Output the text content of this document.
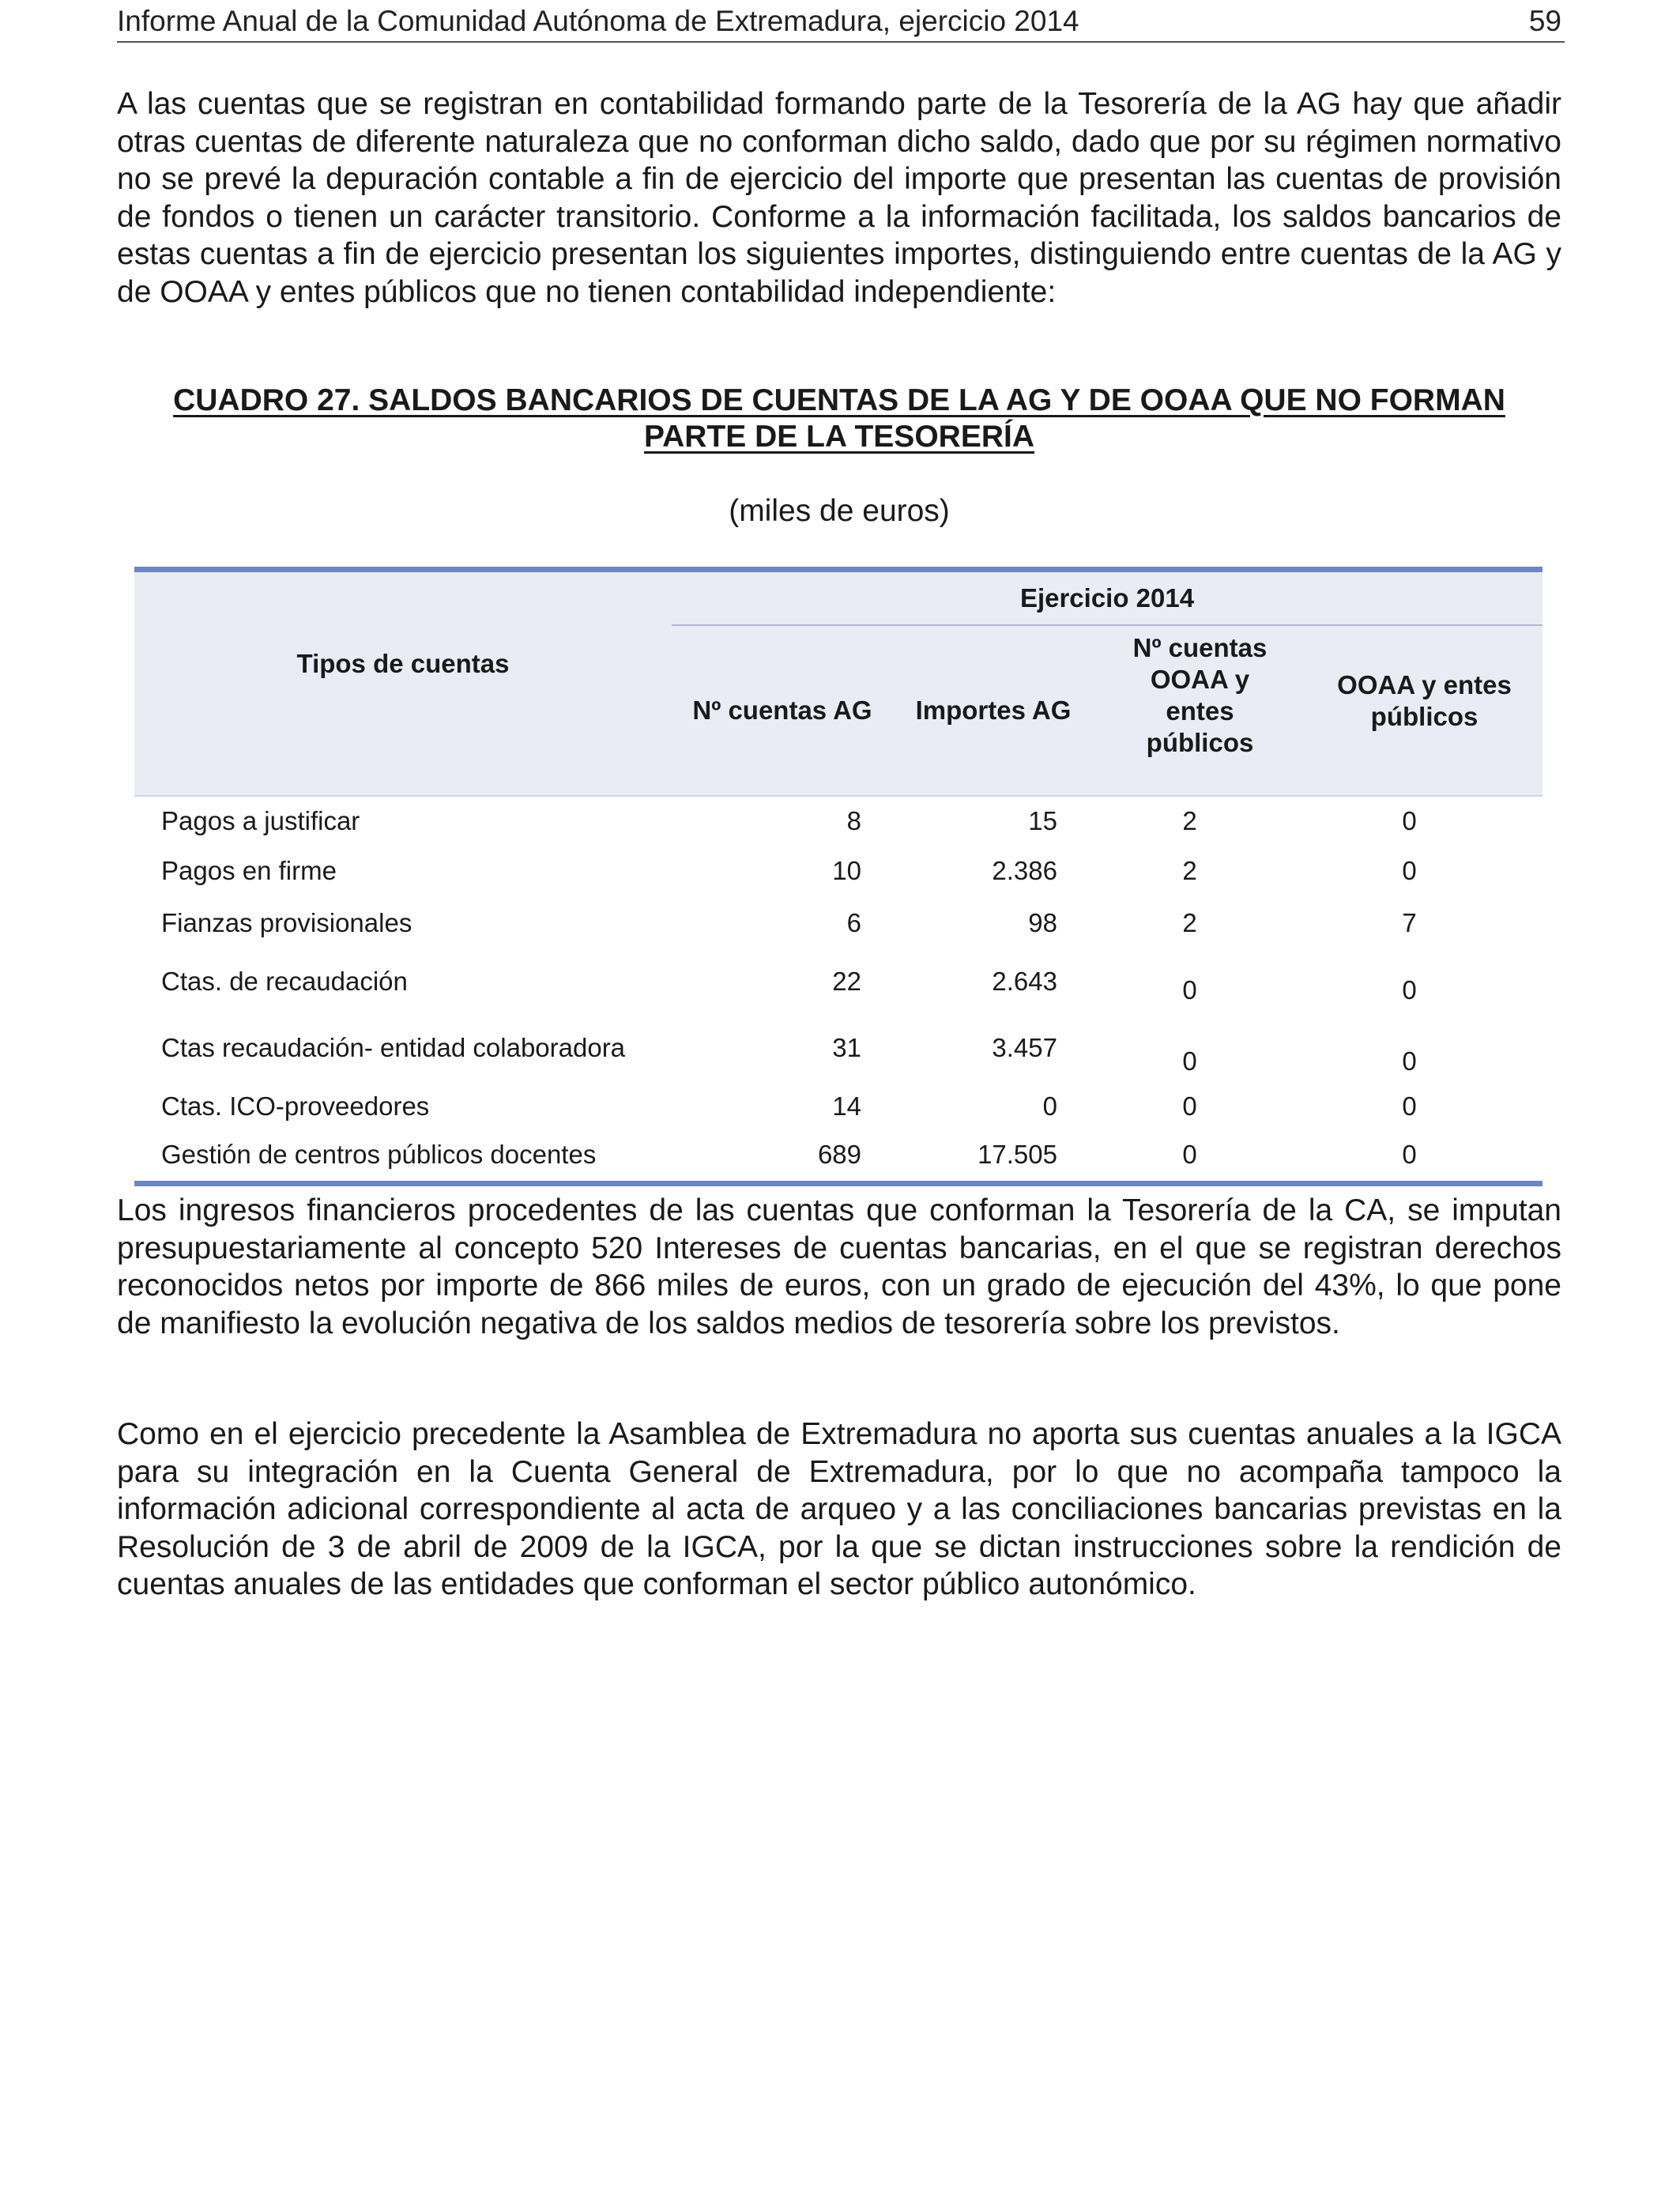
Informe Anual de la Comunidad Autónoma de Extremadura, ejercicio 2014	59

A las cuentas que se registran en contabilidad formando parte de la Tesorería de la AG hay que añadir otras cuentas de diferente naturaleza que no conforman dicho saldo, dado que por su régimen normativo no se prevé la depuración contable a fin de ejercicio del importe que presentan las cuentas de provisión de fondos o tienen un carácter transitorio. Conforme a la información facilitada, los saldos bancarios de estas cuentas a fin de ejercicio presentan los siguientes importes, distinguiendo entre cuentas de la AG y de OOAA y entes públicos que no tienen contabilidad independiente:

CUADRO 27. SALDOS BANCARIOS DE CUENTAS DE LA AG Y DE OOAA QUE NO FORMAN
PARTE DE LA TESORERÍA

(miles de euros)

Tipos de cuentas	Ejercicio 2014			
	Nº cuentas AG	Importes AG	Nº cuentas
OOAA y
entes
públicos	OOAA y entes
públicos
Pagos a justificar	8	15	2	0
Pagos en firme	10	2.386	2	0
Fianzas provisionales	6	98	2	7
Ctas. de recaudación	22	2.643	0	0
Ctas recaudación- entidad colaboradora	31	3.457	0	0
Ctas. ICO-proveedores	14	0	0	0
Gestión de centros públicos docentes	689	17.505	0	0

Los ingresos financieros procedentes de las cuentas que conforman la Tesorería de la CA, se imputan presupuestariamente al concepto 520 Intereses de cuentas bancarias, en el que se registran derechos reconocidos netos por importe de 866 miles de euros, con un grado de ejecución del 43%, lo que pone de manifiesto la evolución negativa de los saldos medios de tesorería sobre los previstos.

Como en el ejercicio precedente la Asamblea de Extremadura no aporta sus cuentas anuales a la IGCA para su integración en la Cuenta General de Extremadura, por lo que no acompaña tampoco la información adicional correspondiente al acta de arqueo y a las conciliaciones bancarias previstas en la Resolución de 3 de abril de 2009 de la IGCA, por la que se dictan instrucciones sobre la rendición de cuentas anuales de las entidades que conforman el sector público autonómico.
